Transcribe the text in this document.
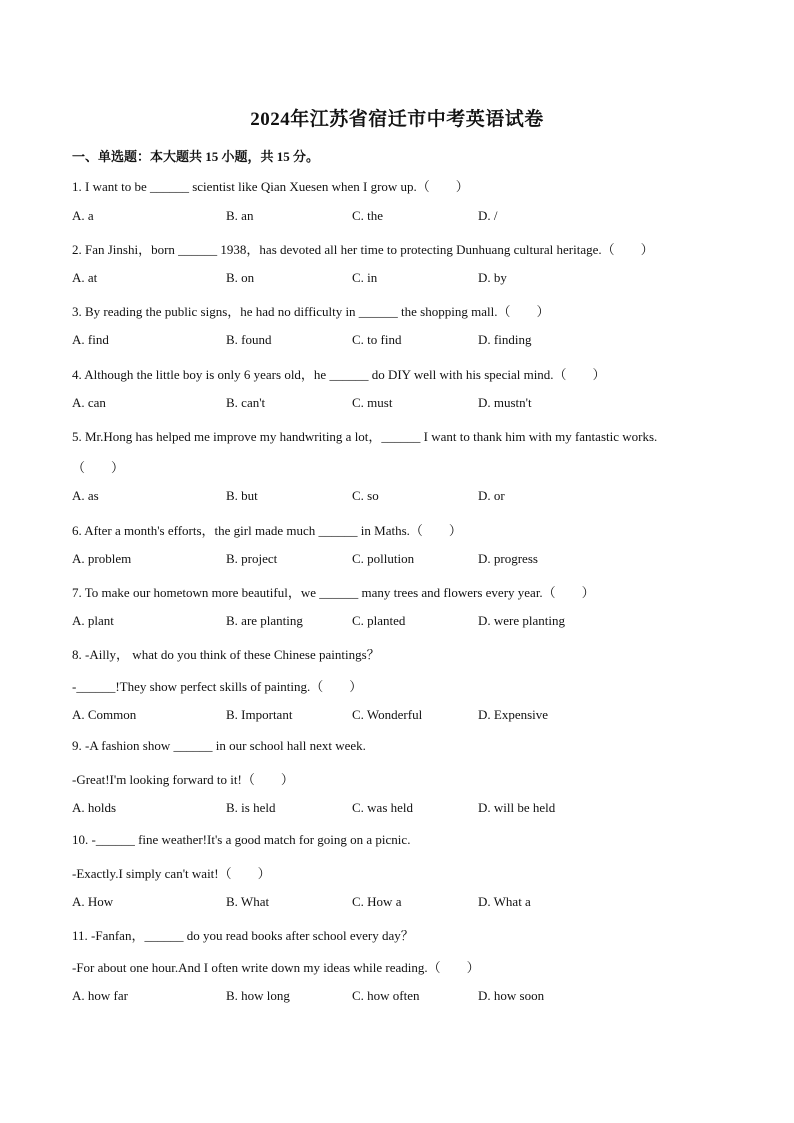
2024年江苏省宿迁市中考英语试卷
一、单选题：本大题共 15 小题，共 15 分。
1. I want to be ______ scientist like Qian Xuesen when I grow up.（　　）
A. a	B. an	C. the	D. /
2. Fan Jinshi，born ______ 1938，has devoted all her time to protecting Dunhuang cultural heritage.（　　）
A. at	B. on	C. in	D. by
3. By reading the public signs，he had no difficulty in ______ the shopping mall.（　　）
A. find	B. found	C. to find	D. finding
4. Although the little boy is only 6 years old，he ______ do DIY well with his special mind.（　　）
A. can	B. can't	C. must	D. mustn't
5. Mr.Hong has helped me improve my handwriting a lot，______ I want to thank him with my fantastic works.
（　　）
A. as	B. but	C. so	D. or
6. After a month's efforts，the girl made much ______ in Maths.（　　）
A. problem	B. project	C. pollution	D. progress
7. To make our hometown more beautiful，we ______ many trees and flowers every year.（　　）
A. plant	B. are planting	C. planted	D. were planting
8. -Ailly， what do you think of these Chinese paintings？
-______!They show perfect skills of painting.（　　）
A. Common	B. Important	C. Wonderful	D. Expensive
9. -A fashion show ______ in our school hall next week.
-Great!I'm looking forward to it!（　　）
A. holds	B. is held	C. was held	D. will be held
10. -______ fine weather!It's a good match for going on a picnic.
-Exactly.I simply can't wait!（　　）
A. How	B. What	C. How a	D. What a
11. -Fanfan，______ do you read books after school every day？
-For about one hour.And I often write down my ideas while reading.（　　）
A. how far	B. how long	C. how often	D. how soon
